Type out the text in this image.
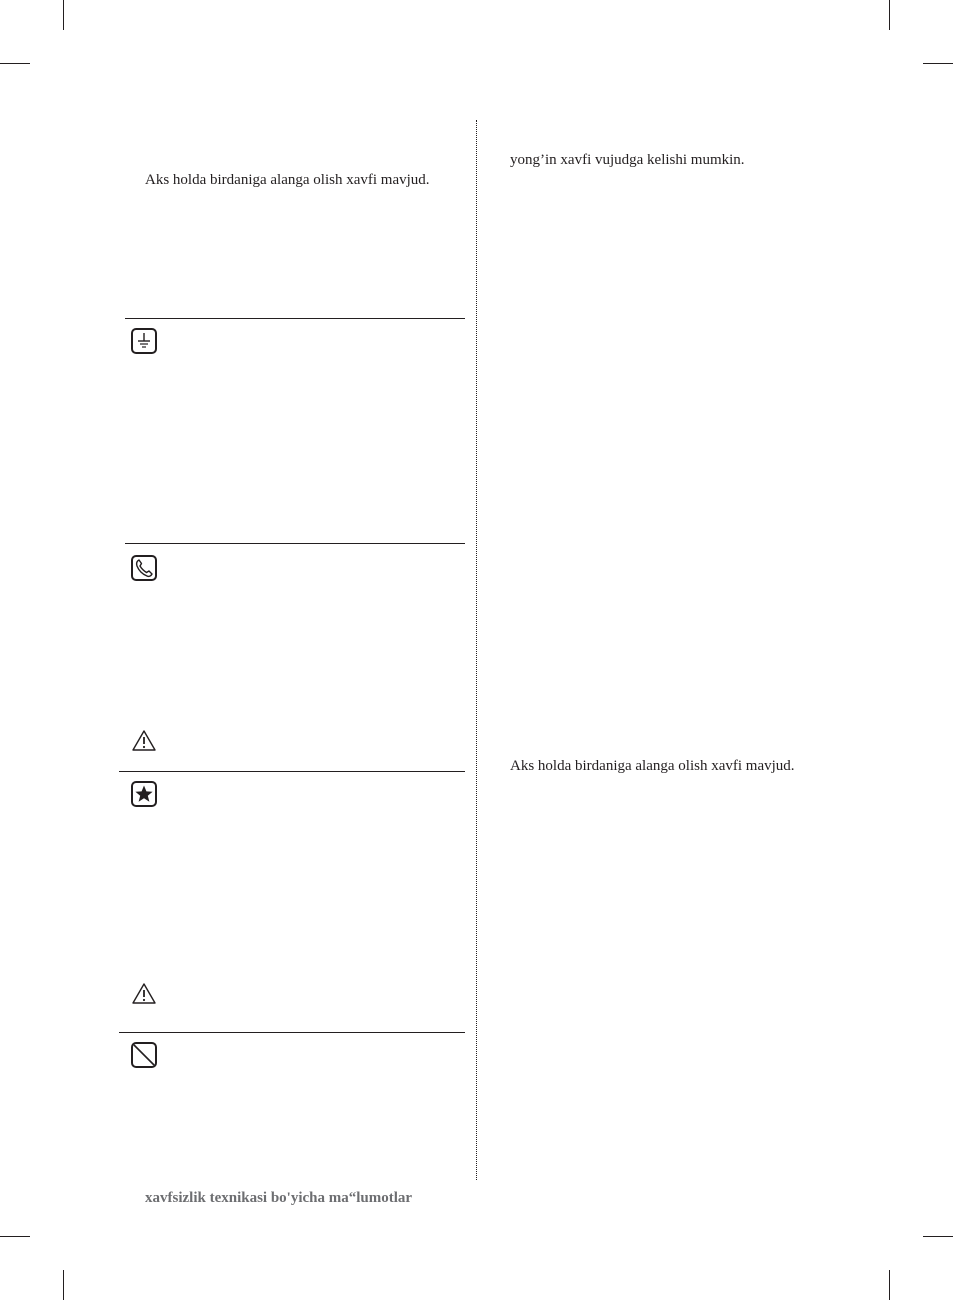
Aks holda birdaniga alanga olish xavfi mavjud.
yong’in xavfi vujudga kelishi mumkin.
Aks holda birdaniga alanga olish xavfi mavjud.
xavfsizlik texnikasi bo'yicha ma“lumotlar
